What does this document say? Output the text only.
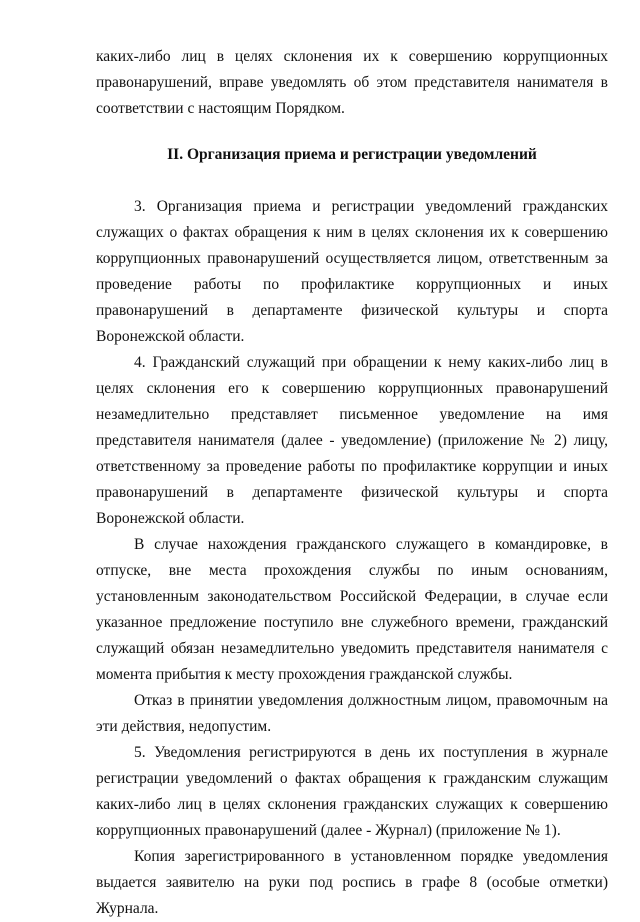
каких-либо лиц в целях склонения их к совершению коррупционных правонарушений, вправе уведомлять об этом представителя нанимателя в соответствии с настоящим Порядком.

II. Организация приема и регистрации уведомлений

3. Организация приема и регистрации уведомлений гражданских служащих о фактах обращения к ним в целях склонения их к совершению коррупционных правонарушений осуществляется лицом, ответственным за проведение работы по профилактике коррупционных и иных правонарушений в департаменте физической культуры и спорта Воронежской области.

4. Гражданский служащий при обращении к нему каких-либо лиц в целях склонения его к совершению коррупционных правонарушений незамедлительно представляет письменное уведомление на имя представителя нанимателя (далее - уведомление) (приложение № 2) лицу, ответственному за проведение работы по профилактике коррупции и иных правонарушений в департаменте физической культуры и спорта Воронежской области.

В случае нахождения гражданского служащего в командировке, в отпуске, вне места прохождения службы по иным основаниям, установленным законодательством Российской Федерации, в случае если указанное предложение поступило вне служебного времени, гражданский служащий обязан незамедлительно уведомить представителя нанимателя с момента прибытия к месту прохождения гражданской службы.

Отказ в принятии уведомления должностным лицом, правомочным на эти действия, недопустим.

5. Уведомления регистрируются в день их поступления в журнале регистрации уведомлений о фактах обращения к гражданским служащим каких-либо лиц в целях склонения гражданских служащих к совершению коррупционных правонарушений (далее - Журнал) (приложение № 1).

Копия зарегистрированного в установленном порядке уведомления выдается заявителю на руки под роспись в графе 8 (особые отметки) Журнала.
